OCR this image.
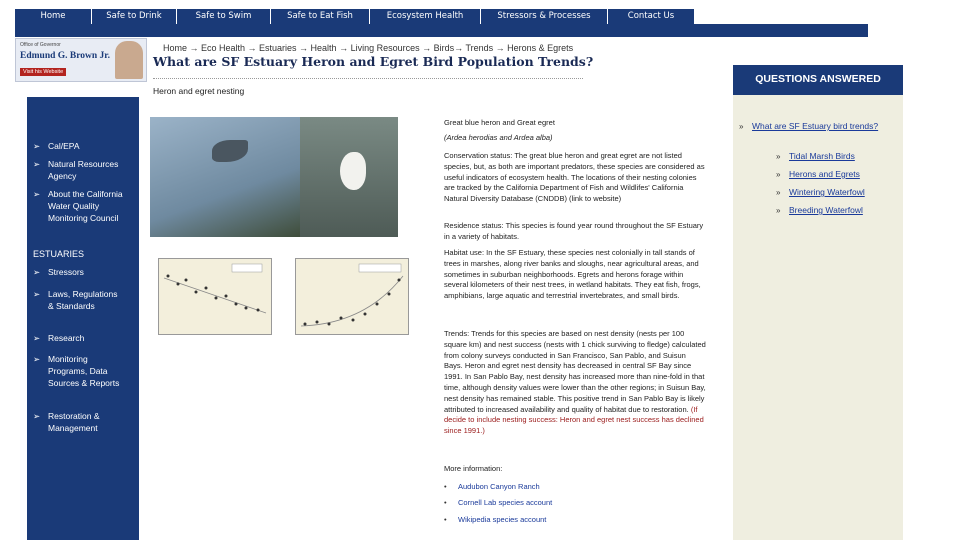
Home	Safe to Drink	Safe to Swim	Safe to Eat Fish	Ecosystem Health	Stressors & Processes	Contact Us
Office of Governor
Edmund G. Brown Jr.
Visit his Website
Home → Eco Health → Estuaries → Health → Living Resources → Birds→ Trends → Herons & Egrets
What are SF Estuary Heron and Egret Bird Population Trends?
Heron and egret nesting
➢ Cal/EPA
➢ Natural Resources Agency
➢ About the California Water Quality Monitoring Council
ESTUARIES
➢ Stressors
➢ Laws, Regulations & Standards
➢ Research
➢ Monitoring Programs, Data Sources & Reports
➢ Restoration & Management
QUESTIONS ANSWERED
» What are SF Estuary bird trends?
» Tidal Marsh Birds
» Herons and Egrets
» Wintering Waterfowl
» Breeding Waterfowl
Great blue heron and Great egret
(Ardea herodias and Ardea alba)
Conservation status: The great blue heron and great egret are not listed species, but, as both are important predators, these species are considered as useful indicators of ecosystem health. The locations of their nesting colonies are tracked by the California Department of Fish and Wildlifes' California Natural Diversity Database (CNDDB) (link to website)
Residence status: This species is found year round throughout the SF Estuary in a variety of habitats.
Habitat use: In the SF Estuary, these species nest colonially in tall stands of trees in marshes, along river banks and sloughs, near agricultural areas, and sometimes in suburban neighborhoods. Egrets and herons forage within several kilometers of their nest trees, in wetland habitats. They eat fish, frogs, amphibians, large aquatic and terrestrial invertebrates, and small birds.
Trends: Trends for this species are based on nest density (nests per 100 square km) and nest success (nests with 1 chick surviving to fledge) calculated from colony surveys conducted in San Francisco, San Pablo, and Suisun Bays. Heron and egret nest density has decreased in central SF Bay since 1991. In San Pablo Bay, nest density has increased more than nine-fold in that time, although density values were lower than the other regions; in Suisun Bay, nest density has remained stable. This positive trend in San Pablo Bay is likely attributed to increased availability and quality of habitat due to restoration. (If decide to include nesting success: Heron and egret nest success has declined since 1991.)
More information:
• Audubon Canyon Ranch
• Cornell Lab species account
• Wikipedia species account
